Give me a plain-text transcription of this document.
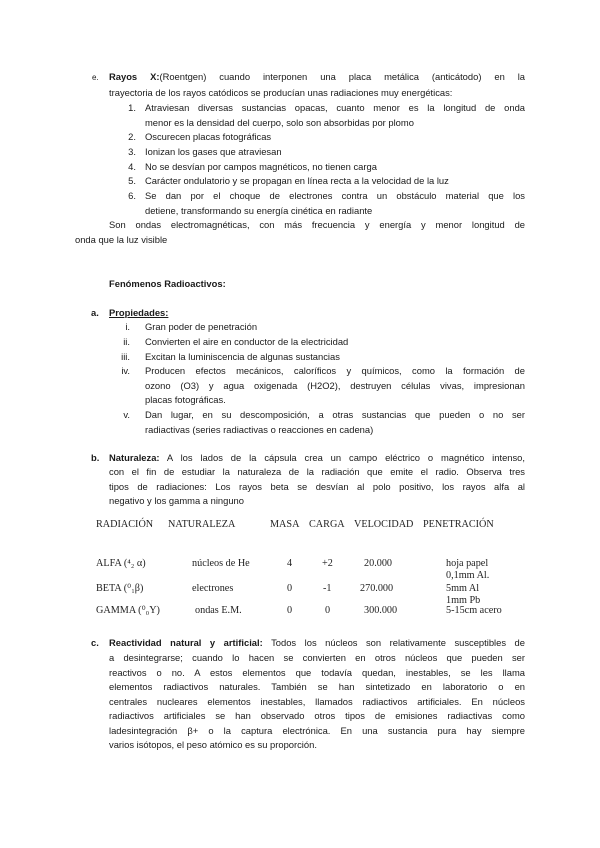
e. Rayos X:(Roentgen) cuando interponen una placa metálica (anticátodo) en la
trayectoria de los rayos catódicos se producían unas radiaciones muy energéticas:
1. Atraviesan diversas sustancias opacas, cuanto menor es la longitud de onda
menor es la densidad del cuerpo, solo son absorbidas por plomo
2. Oscurecen placas fotográficas
3. Ionizan los gases que atraviesan
4. No se desvían por campos magnéticos, no tienen carga
5. Carácter ondulatorio y se propagan en línea recta a la velocidad de la luz
6. Se dan por el choque de electrones contra un obstáculo material que los
detiene, transformando su energía cinética en radiante
Son ondas electromagnéticas, con más frecuencia y energía y menor longitud de
onda que la luz visible
Fenómenos Radioactivos:
a. Propiedades:
i. Gran poder de penetración
ii. Convierten el aire en conductor de la electricidad
iii. Excitan la luminiscencia de algunas sustancias
iv. Producen efectos mecánicos, caloríficos y químicos, como la formación de
ozono (O3) y agua oxigenada (H2O2), destruyen células vivas, impresionan
placas fotográficas.
v. Dan lugar, en su descomposición, a otras sustancias que pueden o no ser
radiactivas (series radiactivas o reacciones en cadena)
b. Naturaleza: A los lados de la cápsula crea un campo eléctrico o magnético intenso,
con el fin de estudiar la naturaleza de la radiación que emite el radio. Observa tres
tipos de radiaciones: Los rayos beta se desvían al polo positivo, los rayos alfa al
negativo y los gamma a ninguno
RADIACIÓN NATURALEZA	MASA CARGA VELOCIDAD PENETRACIÓN
ALFA (⁴₂ α)	núcleos de He	4	+2	20.000	hoja papel
0,1mm Al.
BETA (⁰₁β)	electrones	0	-1	270.000	5mm Al
1mm Pb
GAMMA (⁰₀Y)	ondas E.M.	0	0	300.000	5-15cm acero
c. Reactividad natural y artificial: Todos los núcleos son relativamente susceptibles de
a desintegrarse; cuando lo hacen se convierten en otros núcleos que pueden ser
reactivos o no. A estos elementos que todavía quedan, inestables, se les llama
elementos radiactivos naturales. También se han sintetizado en laboratorio o en
centrales nucleares elementos inestables, llamados radiactivos artificiales. En núcleos
radiactivos artificiales se han observado otros tipos de emisiones radiactivas como
ladesintegración β+ o la captura electrónica. En una sustancia pura hay siempre
varios isótopos, el peso atómico es su proporción.
